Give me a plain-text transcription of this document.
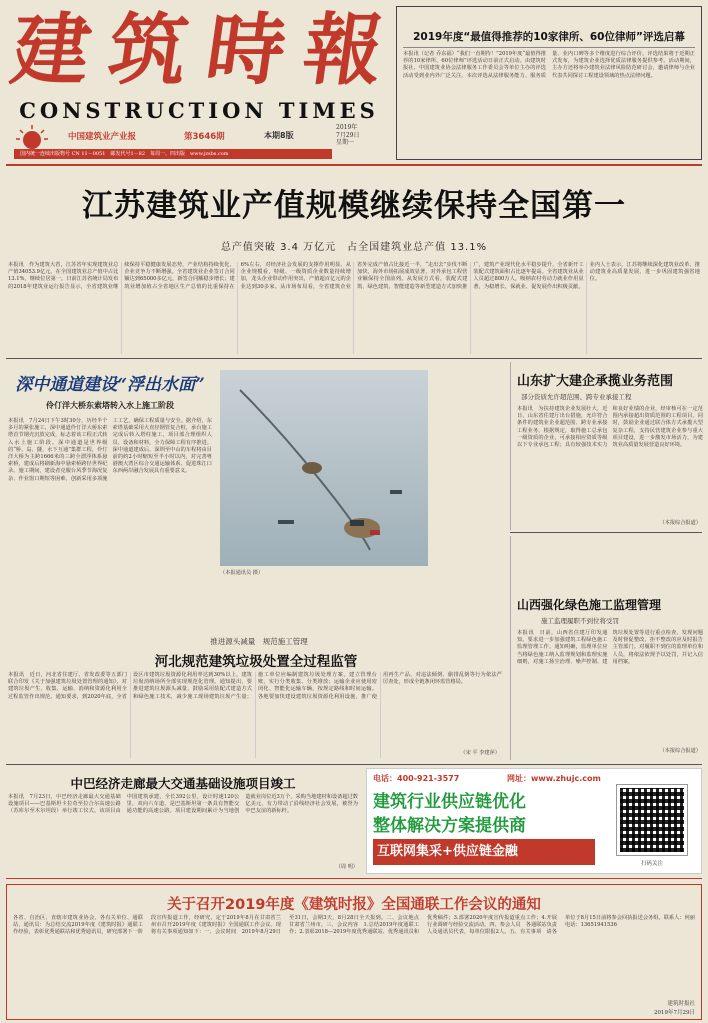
建 筑 時 報
CONSTRUCTION TIMES
中国建筑业产业报	第3646期	本期8版
2019年
7月29日
星期一
国内统一连续出版物号 CN 11－0051　邮发代号1－82　每周一、四出版　www.jzsbs.com
2019年度“最值得推荐的10家律所、60位律师”评选启幕
本报讯（记者 乔东福）“我们一直期待！”2019年度“最值得推荐的10家律所、60位律师”评选活动日前正式启动。由建筑时报社、中国建筑业协会法律服务工作委员会等单位主办的评选活动受到业内外广泛关注。本次评选从法律服务能力、服务质量、业内口碑等多个维度进行综合评价，评选结果将于近期正式发布，为建筑企业选择优质法律服务提供参考。活动期间，主办方还将举办建筑业法律风险防范研讨会，邀请律师与企业代表共同探讨工程建设领域的热点法律问题。
江苏建筑业产值规模继续保持全国第一
总产值突破 3.4 万亿元　占全国建筑业总产值 13.1%
本报讯　作为建筑大省，江苏省年实现建筑业总产值34053.9亿元，在全国建筑业总产值中占比13.1%，继续位居第一。日前江苏省统计局发布的2018年建筑业运行报告显示，全省建筑业继续保持平稳健康发展态势，产业结构持续优化，企业竞争力不断增强。全省建筑业企业签订合同额达到65000多亿元，新签合同额稳步增长；建筑业增加值占全省地区生产总值的比重保持在6%左右，对经济社会发展的支撑作用明显。从企业规模看，特级、一级资质企业数量持续增加，龙头企业带动作用突出，产值超百亿元的企业达到30多家。从市场布局看，全省建筑企业省外完成产值占比接近一半，“走出去”步伐不断加快，海外市场拓展成效显著，对外承包工程营业额保持全国前列。从发展方式看，装配式建筑、绿色建筑、智能建造等新型建造方式加快推广，建筑产业现代化水平稳步提升，全省新开工装配式建筑面积占比逐年提高。全省建筑业从业人员超过800万人，吸纳农村劳动力就业作用显著，为稳增长、保就业、促发展作出积极贡献。业内人士表示，江苏将继续深化建筑业改革，推动建筑业高质量发展，进一步巩固建筑强省地位。
深中通道建设“浮出水面”
伶仃洋大桥东索塔转入水上施工阶段
本报讯　7月24日下午3时30分，历经半个多月的紧张施工，深中通道伶仃洋大桥东索塔首节钢壳沉放完成，标志着该工程正式转入水上施工阶段。深中通道是世界级的“桥、岛、隧、水下互通”集群工程，伶仃洋大桥为主跨1666米的三跨全漂浮体系悬索桥，建成后将刷新海中悬索桥跨径世界纪录。施工期间，建设者克服台风季节海况复杂、作业窗口期短等困难，创新采用多项施工工艺，确保工程质量与安全。据介绍，东索塔基础采用大直径钢管复合桩，承台施工完成后转入塔柱施工，项目部合理组织人员、设备和材料，全力保障工程有序推进。深中通道建成后，深圳至中山的车程将由目前的约2小时缩短至半小时以内，对完善粤港澳大湾区综合交通运输体系、促进珠江口东西两岸融合发展具有重要意义。
（本报通讯员 摄）
山东扩大建企承揽业务范围
部分资质允许超范围、跨专业承接工程
本报讯　为扶持建筑企业发展壮大，近日，山东省住建厅出台措施，允许符合条件的建筑业企业超范围、跨专业承接工程业务。根据规定，取得施工总承包一级资质的企业，可承接相应资质等级以下专业承包工程；具有较强技术实力和良好业绩的企业，经审核可在一定范围内承接超出资质范围的工程项目。同时，鼓励企业通过联合体方式承揽大型复杂工程，支持民营建筑企业参与重大项目建设，进一步激发市场活力，为建筑业高质量发展营造良好环境。
（本报综合报道）
山西强化绿色施工监理管理
施工监理履职不到位将受罚
本报讯　日前，山西省住建厅印发通知，要求进一步加强建筑工程绿色施工监理管理工作。通知明确，监理单位应当将绿色施工纳入监理规划和监理实施细则，对施工扬尘治理、噪声控制、建筑垃圾处置等进行重点检查，发现问题及时督促整改，拒不整改的应及时报告主管部门。对履职不到位的监理单位和人员，将依法依规予以处罚，并记入信用档案。
（本报综合报道）
推进源头减量　规范施工管理
河北规范建筑垃圾处置全过程监管
本报讯　近日，河北省住建厅、省发改委等五部门联合印发《关于加强建筑垃圾处置管理的通知》，对建筑垃圾产生、收集、运输、消纳和资源化利用全过程监管作出规范。通知要求，到2020年底，全省设区市建筑垃圾资源化利用率达到30%以上，建筑垃圾消纳场所全部实现规范化管理。通知提出，要推进建筑垃圾源头减量，鼓励采用装配式建造方式和绿色施工技术，减少施工现场建筑垃圾产生量；施工单位应编制建筑垃圾处理方案，建立管理台账，实行分类收集、分类堆放；运输企业应使用密闭化、智能化运输车辆，按规定路线和时间运输。各地要加快建设建筑垃圾资源化利用设施，推广使用再生产品，对违法倾倒、偷排乱倒等行为依法严厉查处，形成全链条闭环监管格局。
（宋 平 李建萍）
中巴经济走廊最大交通基础设施项目竣工
本报讯　7月23日，中巴经济走廊最大交通基础设施项目——巴基斯坦卡拉奇至拉合尔高速公路（苏库尔至木尔坦段）举行竣工仪式。该项目由中国建筑承建，全长392公里，设计时速120公里，双向六车道，是巴基斯坦第一条具有智能交通功能的高速公路。项目建设期间累计为当地创造就业岗位近3万个，采购当地建材和设备超过数亿美元，有力带动了沿线经济社会发展，被誉为中巴友谊的新标杆。
（周 明）
电话：400-921-3577	网址：www.zhujc.com
建筑行业供应链优化
整体解决方案提供商
互联网集采+供应链金融
扫码关注
关于召开2019年度《建筑时报》全国通联工作会议的通知
各省、自治区、直辖市建筑业协会，各有关单位、通联站、通讯员：为总结交流2019年度《建筑时报》通联工作经验，表彰优秀通联站和优秀通讯员，研究部署下一阶段宣传报道工作，经研究，定于2019年8月在甘肃省兰州市召开2019年度《建筑时报》全国通联工作会议。现将有关事项通知如下：一、会议时间　2019年8月29日至31日，会期3天，8月28日全天报到。二、会议地点　甘肃省兰州市。三、会议内容　1.总结2019年度通联工作；2.表彰2018—2019年度优秀通联站、优秀通讯员和优秀稿件；3.部署2020年度宣传报道重点工作；4.开展行业调研与经验交流活动。四、参会人员　各通联站负责人及通讯员代表，每单位限报2人。五、有关事项　请各单位于8月15日前将参会回执报送会务组。联系人：何丽　电话：13651941536
建筑时报社
2019年7月29日
